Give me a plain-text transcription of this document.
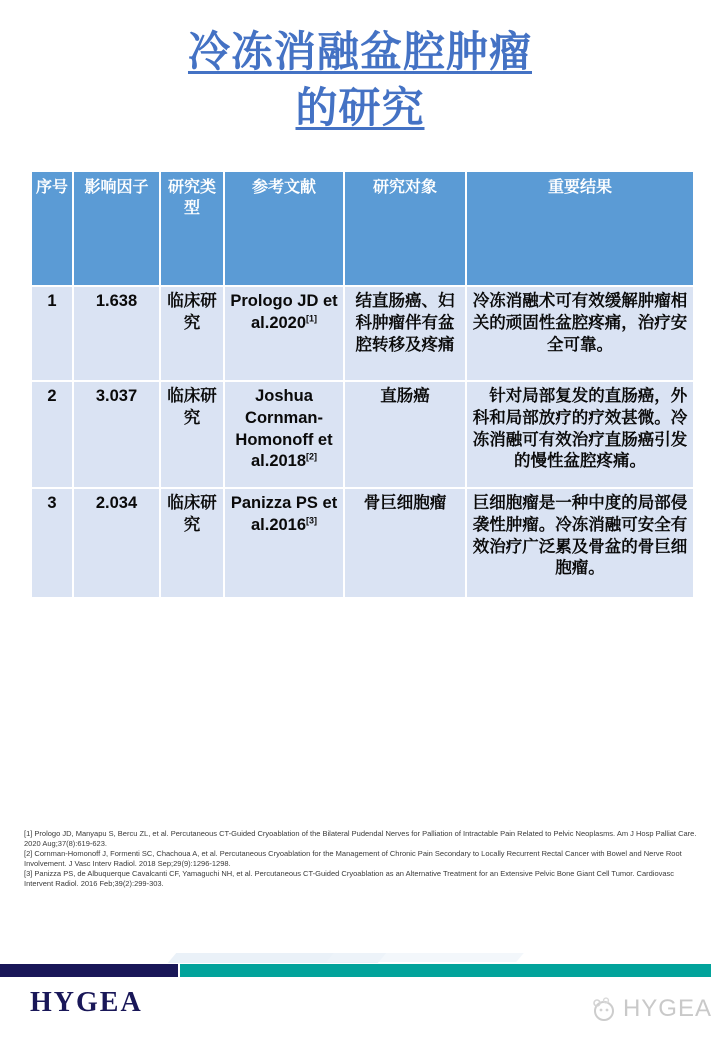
冷冻消融盆腔肿瘤
的研究
序号	影响因子	研究类型	参考文献	研究对象	重要结果
1	1.638	临床研究	Prologo JD et al.2020[1]	结直肠癌、妇科肿瘤伴有盆腔转移及疼痛	冷冻消融术可有效缓解肿瘤相关的顽固性盆腔疼痛，治疗安全可靠。
2	3.037	临床研究	Joshua Cornman-Homonoff et al.2018[2]	直肠癌	　针对局部复发的直肠癌，外科和局部放疗的疗效甚微。冷冻消融可有效治疗直肠癌引发的慢性盆腔疼痛。
3	2.034	临床研究	Panizza PS et al.2016[3]	骨巨细胞瘤	巨细胞瘤是一种中度的局部侵袭性肿瘤。冷冻消融可安全有效治疗广泛累及骨盆的骨巨细胞瘤。

[1] Prologo JD, Manyapu S, Bercu ZL, et al. Percutaneous CT-Guided Cryoablation of the Bilateral Pudendal Nerves for Palliation of Intractable Pain Related to Pelvic Neoplasms. Am J Hosp Palliat Care. 2020 Aug;37(8):619-623.

[2] Cornman-Homonoff J, Formenti SC, Chachoua A, et al. Percutaneous Cryoablation for the Management of Chronic Pain Secondary to Locally Recurrent Rectal Cancer with Bowel and Nerve Root Involvement. J Vasc Interv Radiol. 2018 Sep;29(9):1296-1298.

[3] Panizza PS, de Albuquerque Cavalcanti CF, Yamaguchi NH, et al. Percutaneous CT-Guided Cryoablation as an Alternative Treatment for an Extensive Pelvic Bone Giant Cell Tumor. Cardiovasc Intervent Radiol. 2016 Feb;39(2):299-303.

HYGEA	HYGEA
